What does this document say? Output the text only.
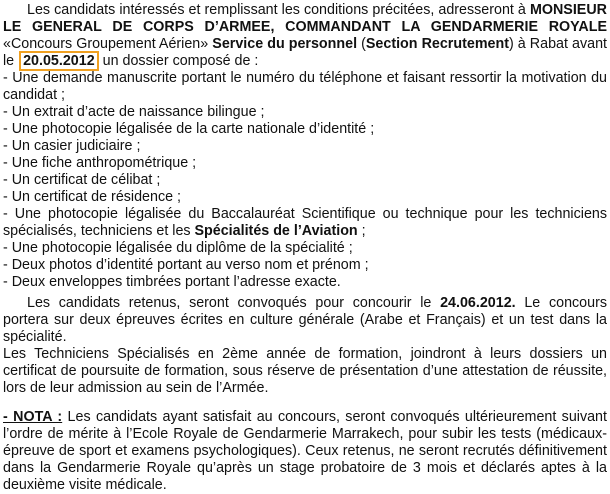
Les candidats intéressés et remplissant les conditions précitées, adresseront à MONSIEUR LE GENERAL DE CORPS D’ARMEE, COMMANDANT LA GENDARMERIE ROYALE «Concours Groupement Aérien» Service du personnel (Section Recrutement) à Rabat avant le 20.05.2012 un dossier composé de :

- Une demande manuscrite portant le numéro du téléphone et faisant ressortir la motivation du candidat ;
- Un extrait d’acte de naissance bilingue ;
- Une photocopie légalisée de la carte nationale d’identité ;
- Un casier judiciaire ;
- Une fiche anthropométrique ;
- Un certificat de célibat ;
- Un certificat de résidence ;
- Une photocopie légalisée du Baccalauréat Scientifique ou technique pour les techniciens spécialisés, techniciens et les Spécialités de l’Aviation ;
- Une photocopie légalisée du diplôme de la spécialité ;
- Deux photos d’identité portant au verso nom et prénom ;
- Deux enveloppes timbrées portant l’adresse exacte.

Les candidats retenus, seront convoqués pour concourir le 24.06.2012. Le concours portera sur deux épreuves écrites en culture générale (Arabe et Français) et un test dans la spécialité.

Les Techniciens Spécialisés en 2ème année de formation, joindront à leurs dossiers un certificat de poursuite de formation, sous réserve de présentation d’une attestation de réussite, lors de leur admission au sein de l’Armée.

- NOTA : Les candidats ayant satisfait au concours, seront convoqués ultérieurement suivant l’ordre de mérite à l’Ecole Royale de Gendarmerie Marrakech, pour subir les tests (médicaux-épreuve de sport et examens psychologiques). Ceux retenus, ne seront recrutés définitivement dans la Gendarmerie Royale qu’après un stage probatoire de 3 mois et déclarés aptes à la deuxième visite médicale.
